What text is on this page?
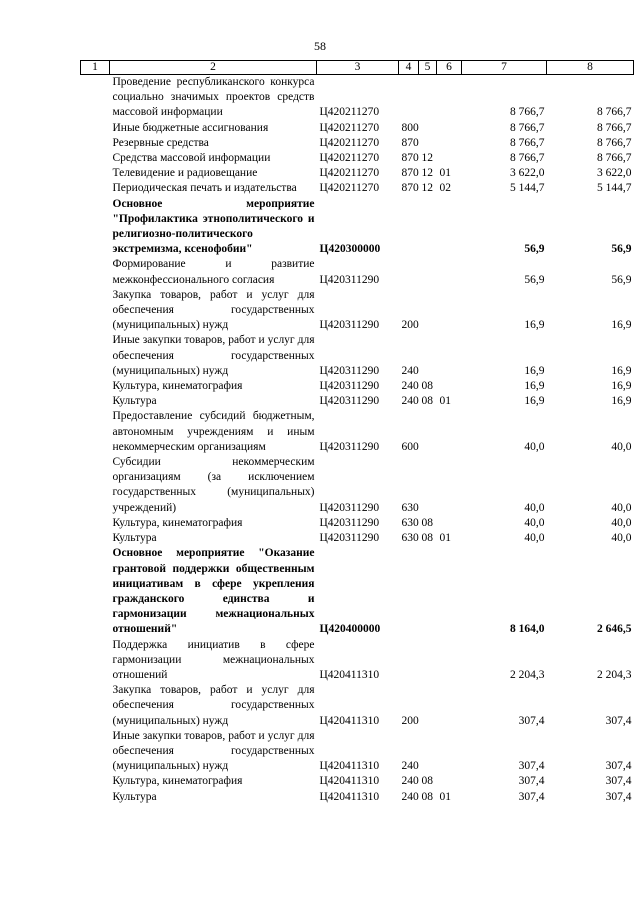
58
1	2	3	4	5	6	7	8
	Проведение республиканского конкурса социально значимых проектов средств массовой информации	Ц420211270				8 766,7	8 766,7
	Иные бюджетные ассигнования	Ц420211270	800			8 766,7	8 766,7
	Резервные средства	Ц420211270	870			8 766,7	8 766,7
	Средства массовой информации	Ц420211270	870	12		8 766,7	8 766,7
	Телевидение и радиовещание	Ц420211270	870	12	01	3 622,0	3 622,0
	Периодическая печать и издательства	Ц420211270	870	12	02	5 144,7	5 144,7
	Основное мероприятие "Профилактика этнополитического и религиозно-политического экстремизма, ксенофобии"	Ц420300000				56,9	56,9
	Формирование и развитие межконфессионального согласия	Ц420311290				56,9	56,9
	Закупка товаров, работ и услуг для обеспечения государственных (муниципальных) нужд	Ц420311290	200			16,9	16,9
	Иные закупки товаров, работ и услуг для обеспечения государственных (муниципальных) нужд	Ц420311290	240			16,9	16,9
	Культура, кинематография	Ц420311290	240	08		16,9	16,9
	Культура	Ц420311290	240	08	01	16,9	16,9
	Предоставление субсидий бюджетным, автономным учреждениям и иным некоммерческим организациям	Ц420311290	600			40,0	40,0
	Субсидии некоммерческим организациям (за исключением государственных (муниципальных) учреждений)	Ц420311290	630			40,0	40,0
	Культура, кинематография	Ц420311290	630	08		40,0	40,0
	Культура	Ц420311290	630	08	01	40,0	40,0
	Основное мероприятие "Оказание грантовой поддержки общественным инициативам в сфере укрепления гражданского единства и гармонизации межнациональных отношений"	Ц420400000				8 164,0	2 646,5
	Поддержка инициатив в сфере гармонизации межнациональных отношений	Ц420411310				2 204,3	2 204,3
	Закупка товаров, работ и услуг для обеспечения государственных (муниципальных) нужд	Ц420411310	200			307,4	307,4
	Иные закупки товаров, работ и услуг для обеспечения государственных (муниципальных) нужд	Ц420411310	240			307,4	307,4
	Культура, кинематография	Ц420411310	240	08		307,4	307,4
	Культура	Ц420411310	240	08	01	307,4	307,4
